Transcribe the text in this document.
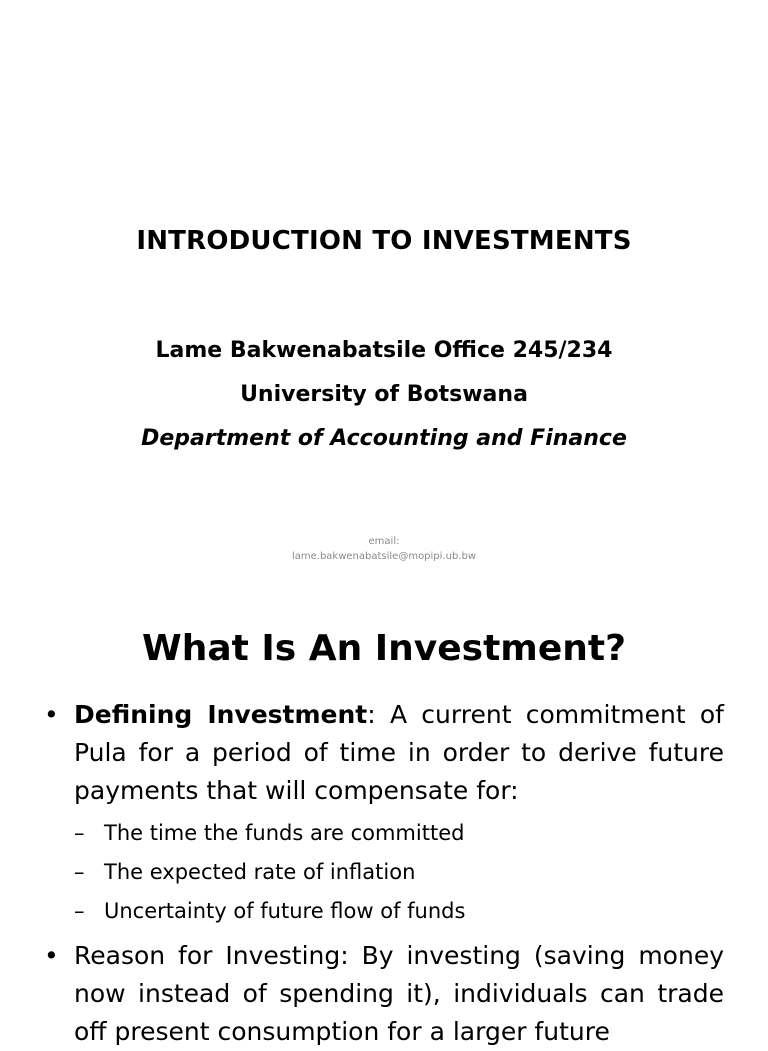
INTRODUCTION TO INVESTMENTS
Lame Bakwenabatsile Office 245/234
University of Botswana
Department of Accounting and Finance
email:
lame.bakwenabatsile@mopipi.ub.bw
What Is An Investment?
• Defining Investment: A current commitment of Pula for a period of time in order to derive future payments that will compensate for:
– The time the funds are committed
– The expected rate of inflation
– Uncertainty of future flow of funds
• Reason for Investing: By investing (saving money now instead of spending it), individuals can trade off present consumption for a larger future
